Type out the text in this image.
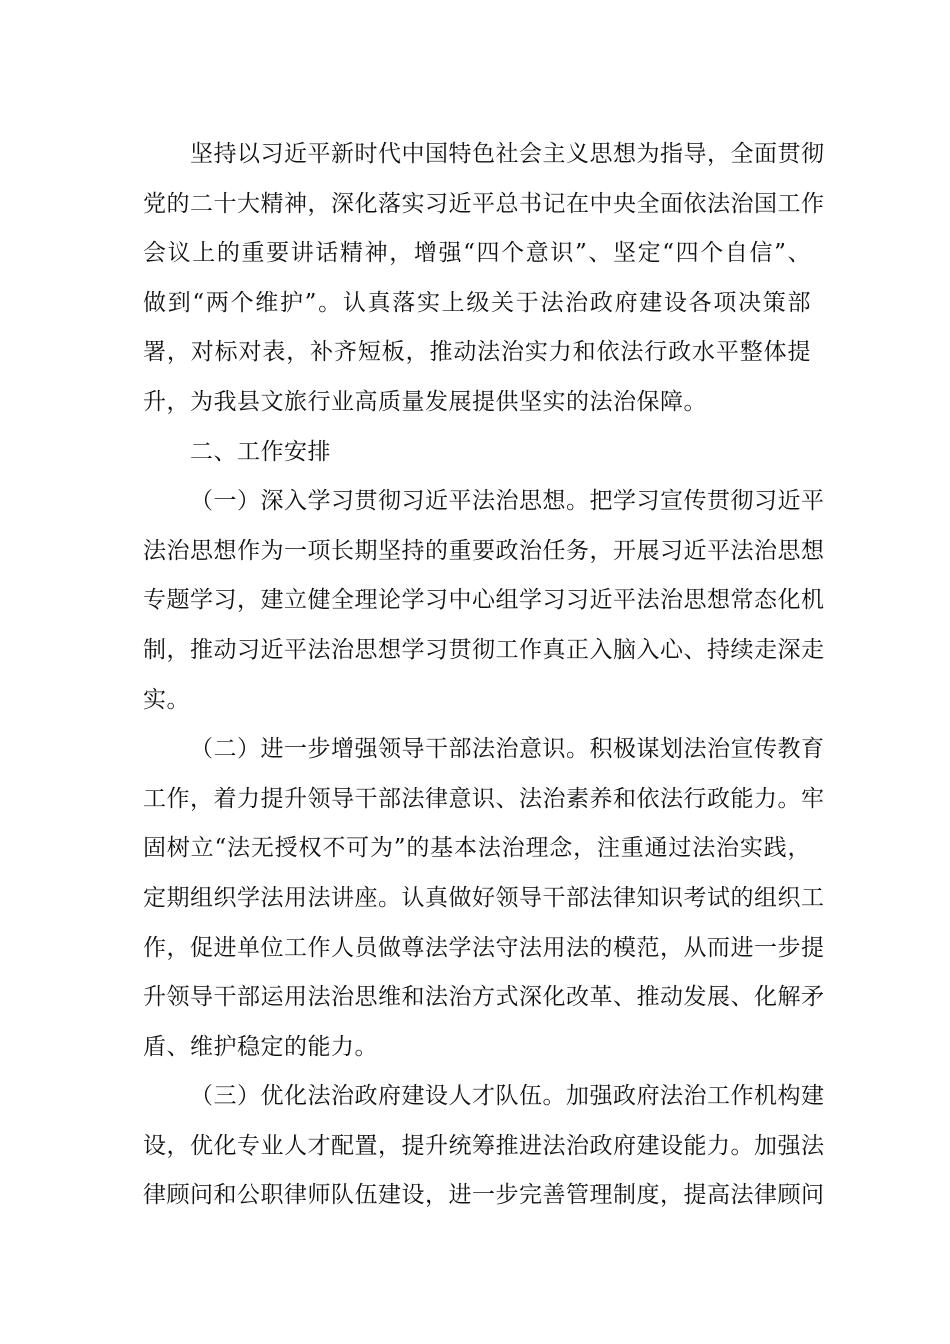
坚持以习近平新时代中国特色社会主义思想为指导，全面贯彻
党的二十大精神，深化落实习近平总书记在中央全面依法治国工作
会议上的重要讲话精神，增强“四个意识”、坚定“四个自信”、
做到“两个维护”。认真落实上级关于法治政府建设各项决策部
署，对标对表，补齐短板，推动法治实力和依法行政水平整体提
升，为我县文旅行业高质量发展提供坚实的法治保障。
二、工作安排
（一）深入学习贯彻习近平法治思想。把学习宣传贯彻习近平
法治思想作为一项长期坚持的重要政治任务，开展习近平法治思想
专题学习，建立健全理论学习中心组学习习近平法治思想常态化机
制，推动习近平法治思想学习贯彻工作真正入脑入心、持续走深走
实。
（二）进一步增强领导干部法治意识。积极谋划法治宣传教育
工作，着力提升领导干部法律意识、法治素养和依法行政能力。牢
固树立“法无授权不可为”的基本法治理念，注重通过法治实践，
定期组织学法用法讲座。认真做好领导干部法律知识考试的组织工
作，促进单位工作人员做尊法学法守法用法的模范，从而进一步提
升领导干部运用法治思维和法治方式深化改革、推动发展、化解矛
盾、维护稳定的能力。
（三）优化法治政府建设人才队伍。加强政府法治工作机构建
设，优化专业人才配置，提升统筹推进法治政府建设能力。加强法
律顾问和公职律师队伍建设，进一步完善管理制度，提高法律顾问
